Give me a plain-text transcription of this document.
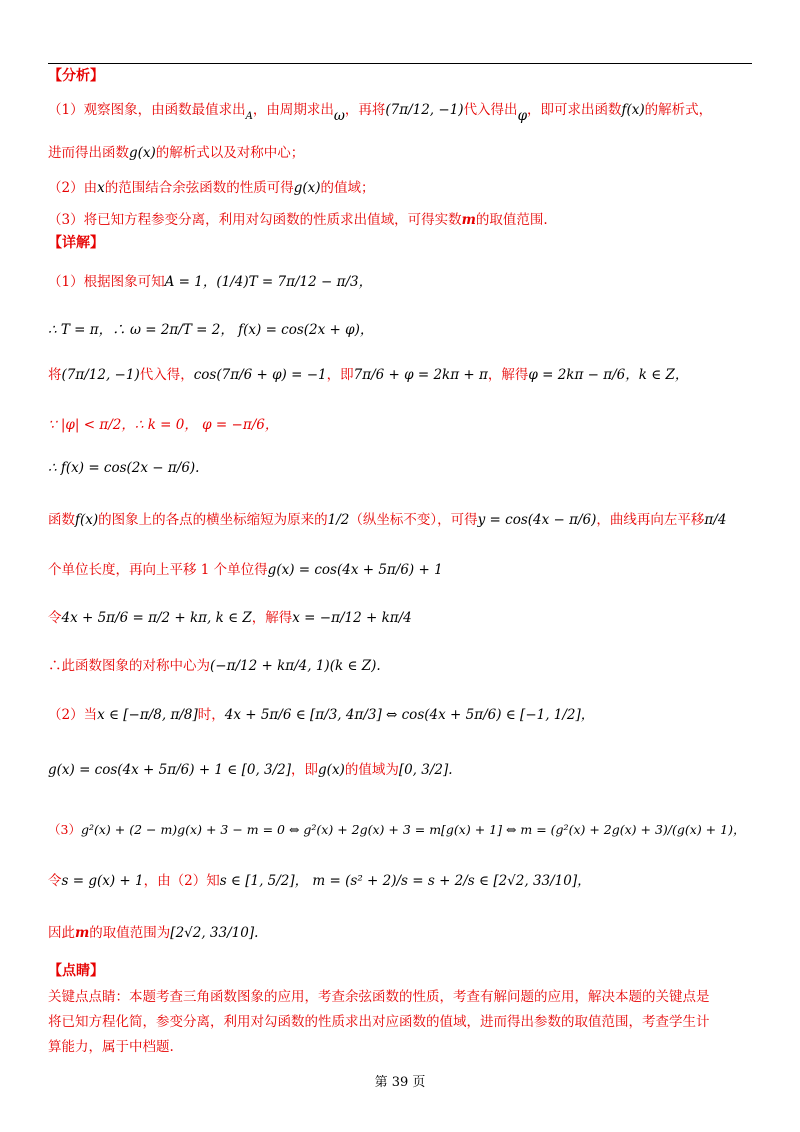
【分析】
（1）观察图象，由函数最值求出$_A$，由周期求出ω，再将(7π/12, −1)代入得出φ，即可求出函数f(x)的解析式，
进而得出函数g(x)的解析式以及对称中心；
（2）由x的范围结合余弦函数的性质可得g(x)的值域；
（3）将已知方程参变分离，利用对勾函数的性质求出值域，可得实数m的取值范围.
【详解】
（1）根据图象可知A = 1，(1/4)T = 7π/12 − π/3，
∴ T = π，∴ ω = 2π/T = 2， f(x) = cos(2x + φ)，
将(7π/12, −1)代入得，cos(7π/6 + φ) = −1，即7π/6 + φ = 2kπ + π，解得φ = 2kπ − π/6，k ∈ Z，
∵ |φ| < π/2，∴ k = 0， φ = −π/6，
∴ f(x) = cos(2x − π/6).
函数f(x)的图象上的各点的横坐标缩短为原来的1/2（纵坐标不变），可得y = cos(4x − π/6)，曲线再向左平移π/4
个单位长度，再向上平移 1 个单位得g(x) = cos(4x + 5π/6) + 1
令4x + 5π/6 = π/2 + kπ, k ∈ Z，解得x = −π/12 + kπ/4
∴此函数图象的对称中心为(−π/12 + kπ/4, 1)(k ∈ Z).
（2）当x ∈ [−π/8, π/8]时，4x + 5π/6 ∈ [π/3, 4π/3] ⇔ cos(4x + 5π/6) ∈ [−1, 1/2]，
g(x) = cos(4x + 5π/6) + 1 ∈ [0, 3/2]，即g(x)的值域为[0, 3/2].
（3）g²(x) + (2 − m)g(x) + 3 − m = 0 ⇔ g²(x) + 2g(x) + 3 = m[g(x) + 1] ⇔ m = (g²(x) + 2g(x) + 3)/(g(x) + 1)，
令s = g(x) + 1，由（2）知s ∈ [1, 5/2]， m = (s² + 2)/s = s + 2/s ∈ [2√2, 33/10]，
因此m的取值范围为[2√2, 33/10].
【点睛】
关键点点睛：本题考查三角函数图象的应用，考查余弦函数的性质，考查有解问题的应用，解决本题的关键点是
将已知方程化简，参变分离，利用对勾函数的性质求出对应函数的值域，进而得出参数的取值范围，考查学生计
算能力，属于中档题.
第 39 页
